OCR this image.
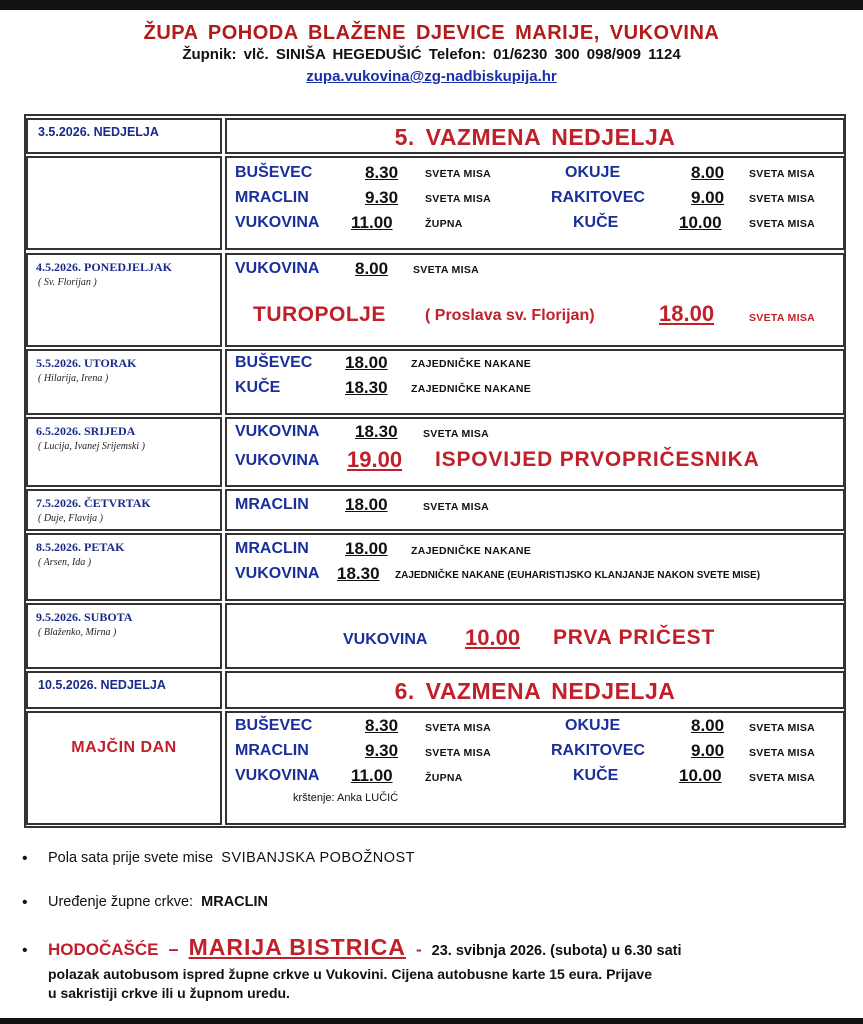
ŽUPA POHODA BLAŽENE DJEVICE MARIJE, VUKOVINA
Župnik: vlč. SINIŠA HEGEDUŠIĆ Telefon: 01/6230 300 098/909 1124
zupa.vukovina@zg-nadbiskupija.hr
3.5.2026. NEDJELJA	5. VAZMENA NEDJELJA
BUŠEVEC	8.30	SVETA MISA
MRACLIN	9.30	SVETA MISA
VUKOVINA 11.00	ŽUPNA
OKUJE	8.00 SVETA MISA
RAKITOVEC	9.00 SVETA MISA
KUČE	10.00	SVETA MISA
4.5.2026. PONEDJELJAK
( Sv. Florijan )
VUKOVINA 8.00 SVETA MISA
TUROPOLJE ( Proslava sv. Florijan)	18.00	SVETA MISA
5.5.2026. UTORAK
( Hilarija, Irena )
BUŠEVEC 18.00 ZAJEDNIČKE NAKANE
KUČE	18.30 ZAJEDNIČKE NAKANE
6.5.2026. SRIJEDA
( Lucija, Ivanej Srijemski )
VUKOVINA 18.30 SVETA MISA
VUKOVINA 19.00 ISPOVIJED PRVOPRIČESNIKA
7.5.2026. ČETVRTAK
( Duje, Flavija )
MRACLIN 18.00	SVETA MISA
8.5.2026. PETAK
( Arsen, Ida )
MRACLIN 18.00 ZAJEDNIČKE NAKANE
VUKOVINA 18.30 ZAJEDNIČKE NAKANE (EUHARISTIJSKO KLANJANJE NAKON SVETE MISE)
9.5.2026. SUBOTA
( Blaženko, Mirna )	VUKOVINA 10.00 PRVA PRIČEST
10.5.2026. NEDJELJA	6. VAZMENA NEDJELJA
MAJČIN DAN
BUŠEVEC	8.30	SVETA MISA
MRACLIN	9.30	SVETA MISA
VUKOVINA 11.00	ŽUPNA
OKUJE	8.00 SVETA MISA
RAKITOVEC	9.00 SVETA MISA
KUČE	10.00	SVETA MISA
krštenje: Anka LUČIĆ
• Pola sata prije svete mise SVIBANJSKA POBOŽNOST
• Uređenje župne crkve: MRACLIN
• HODOČAŠĆE – MARIJA BISTRICA - 23. svibnja 2026. (subota) u 6.30 sati
polazak autobusom ispred župne crkve u Vukovini. Cijena autobusne karte 15 eura. Prijave
u sakristiji crkve ili u župnom uredu.
